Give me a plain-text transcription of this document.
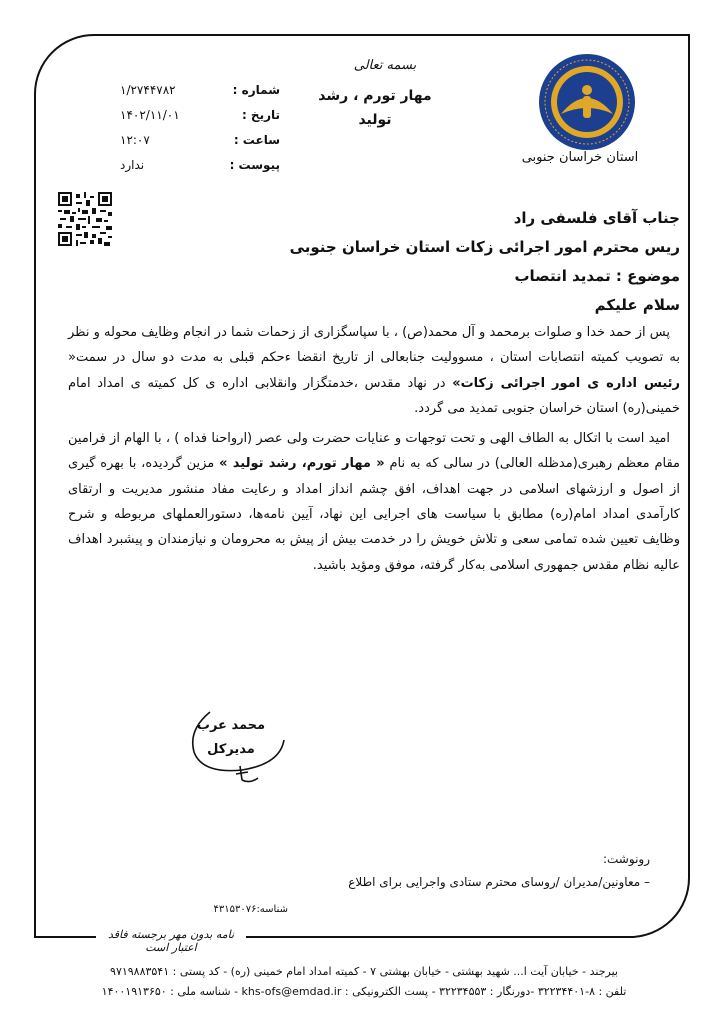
بسمه تعالی
مهار تورم ، رشد
تولید
شماره :
۱/۲۷۴۴۷۸۲
تاریخ :
۱۴۰۲/۱۱/۰۱
ساعت :
۱۲:۰۷
پیوست :
ندارد	استان خراسان جنوبی
جناب آقای فلسفی راد
ریس محترم امور اجرائی زکات استان خراسان جنوبی
موضوع : تمدید انتصاب
سلام علیکم

پس از حمد خدا و صلوات برمحمد و آل محمد(ص) ، با سپاسگزاری از زحمات شما در انجام وظایف محوله و نظر به تصویب کمیته انتصابات استان ، مسوولیت جنابعالی از تاریخ انقضا ءحکم قبلی به مدت دو سال در سمت« رئیس اداره ی امور اجرائی زکات» در نهاد مقدس ،خدمتگزار وانقلابی اداره ی کل کمیته ی امداد امام خمینی(ره) استان خراسان جنوبی تمدید می گردد.

امید است با اتکال به الطاف الهی و تحت توجهات و عنایات حضرت ولی عصر (ارواحنا فداه ) ، با الهام از فرامین مقام معظم رهبری(مدظله العالی) در سالی که به نام « مهار تورم، رشد تولید » مزین گردیده، با بهره گیری از اصول و ارزشهای اسلامی در جهت اهداف، افق چشم انداز امداد و رعایت مفاد منشور مدیریت و ارتقای کارآمدی امداد امام(ره) مطابق با سیاست های اجرایی این نهاد، آیین نامه‌ها، دستورالعملهای مربوطه و شرح وظایف تعیین شده تمامی سعی و تلاش خویش را در خدمت بیش از پیش به محرومان و نیازمندان و پیشبرد اهداف عالیه نظام مقدس جمهوری اسلامی به‌کار گرفته، موفق ومؤید باشید.

محمد عرب
مدیرکل
رونوشت:
– معاونین/مدیران /روسای محترم ستادی واجرایی برای اطلاع
شناسه:۴۳۱۵۳۰۷۶
نامه بدون مهر برجسته فاقد اعتبار است
بیرجند - خیابان آیت ا... شهید بهشتی - خیابان بهشتی ۷ - کمیته امداد امام خمینی (ره) - کد پستی : ۹۷۱۹۸۸۳۵۴۱
تلفن : ۸-۳۲۲۳۴۴۰۱ -دورنگار : ۳۲۲۳۴۵۵۳ - پست الکترونیکی : khs-ofs@emdad.ir - شناسه ملی : ۱۴۰۰۱۹۱۳۶۵۰
